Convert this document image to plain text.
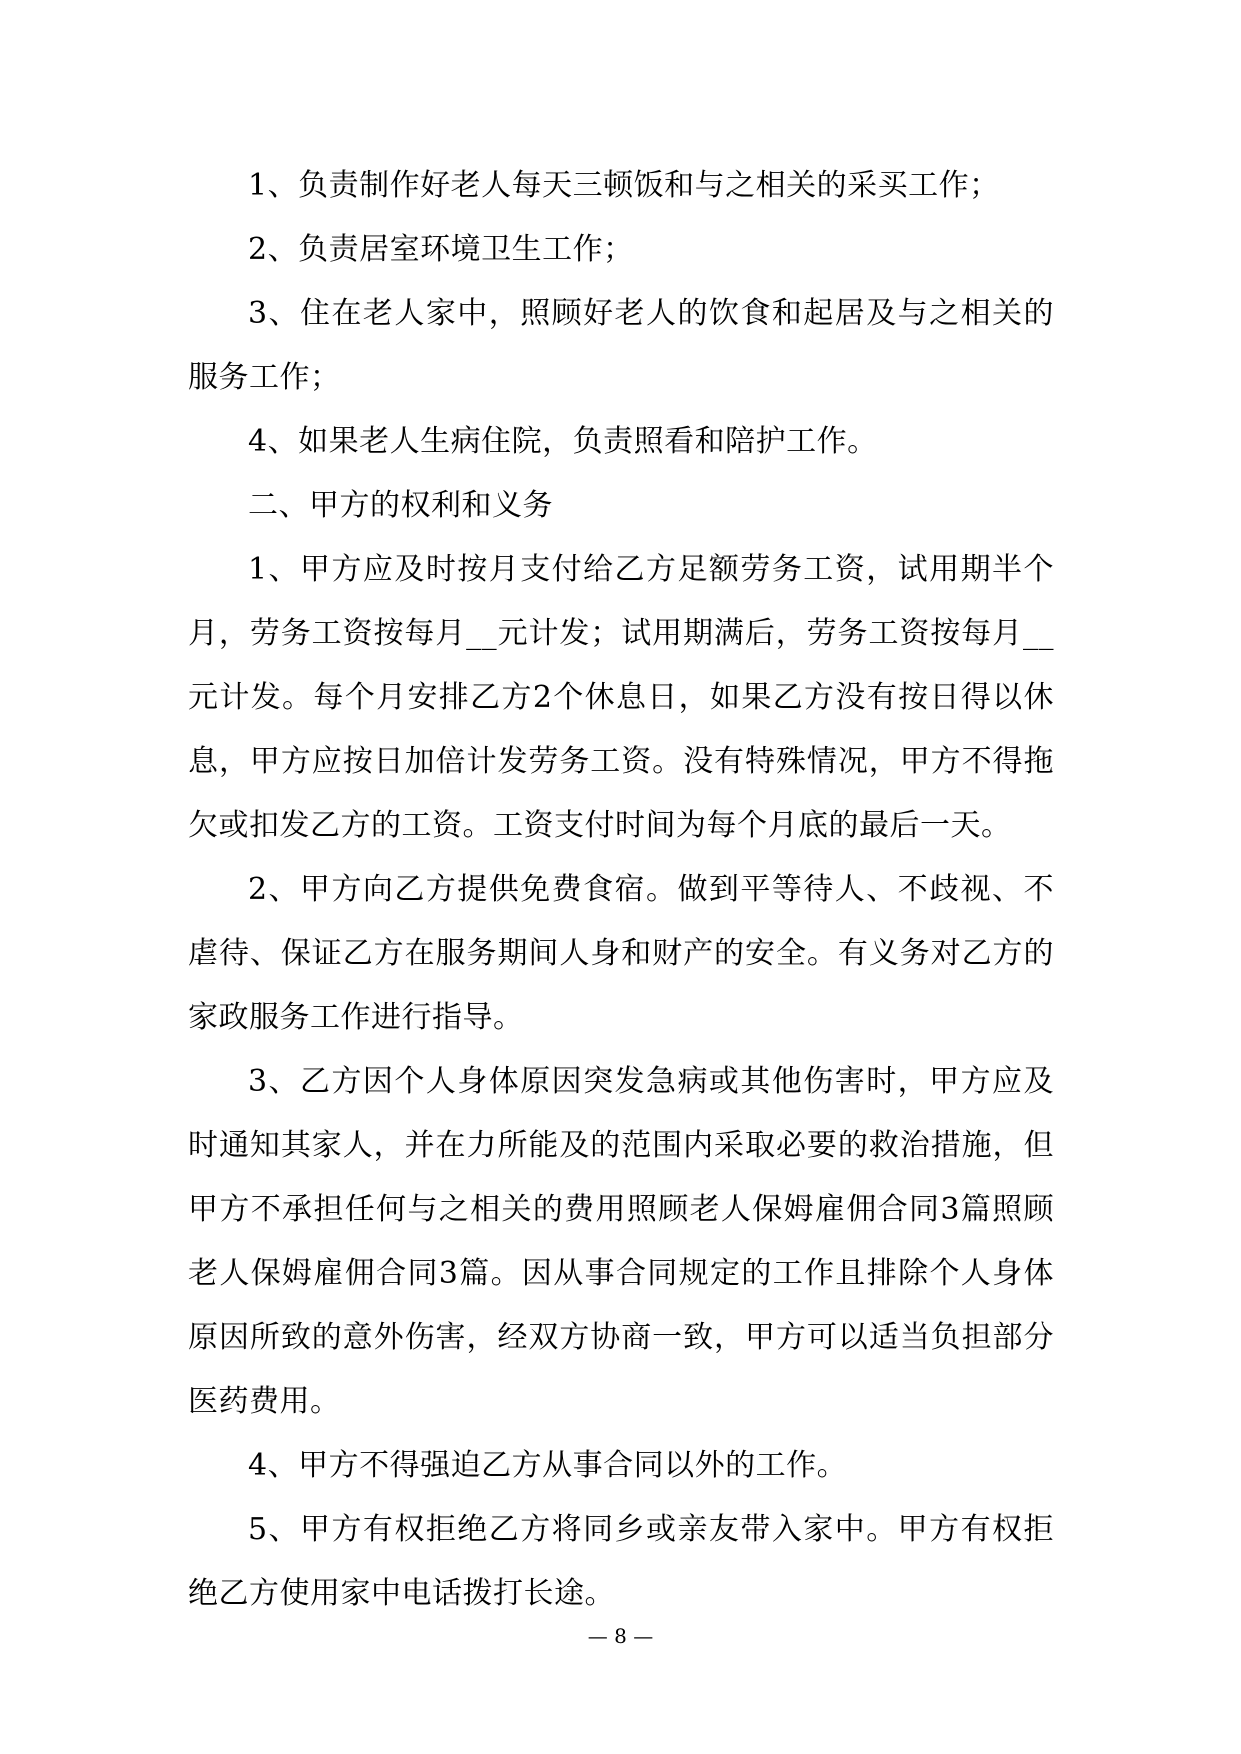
1、负责制作好老人每天三顿饭和与之相关的采买工作；

2、负责居室环境卫生工作；

3、住在老人家中，照顾好老人的饮食和起居及与之相关的服务工作；

4、如果老人生病住院，负责照看和陪护工作。

二、甲方的权利和义务

1、甲方应及时按月支付给乙方足额劳务工资，试用期半个月，劳务工资按每月__元计发；试用期满后，劳务工资按每月__元计发。每个月安排乙方2个休息日，如果乙方没有按日得以休息，甲方应按日加倍计发劳务工资。没有特殊情况，甲方不得拖欠或扣发乙方的工资。工资支付时间为每个月底的最后一天。

2、甲方向乙方提供免费食宿。做到平等待人、不歧视、不虐待、保证乙方在服务期间人身和财产的安全。有义务对乙方的家政服务工作进行指导。

3、乙方因个人身体原因突发急病或其他伤害时，甲方应及时通知其家人，并在力所能及的范围内采取必要的救治措施，但甲方不承担任何与之相关的费用照顾老人保姆雇佣合同3篇照顾老人保姆雇佣合同3篇。因从事合同规定的工作且排除个人身体原因所致的意外伤害，经双方协商一致，甲方可以适当负担部分医药费用。

4、甲方不得强迫乙方从事合同以外的工作。

5、甲方有权拒绝乙方将同乡或亲友带入家中。甲方有权拒绝乙方使用家中电话拨打长途。

— 8 —
